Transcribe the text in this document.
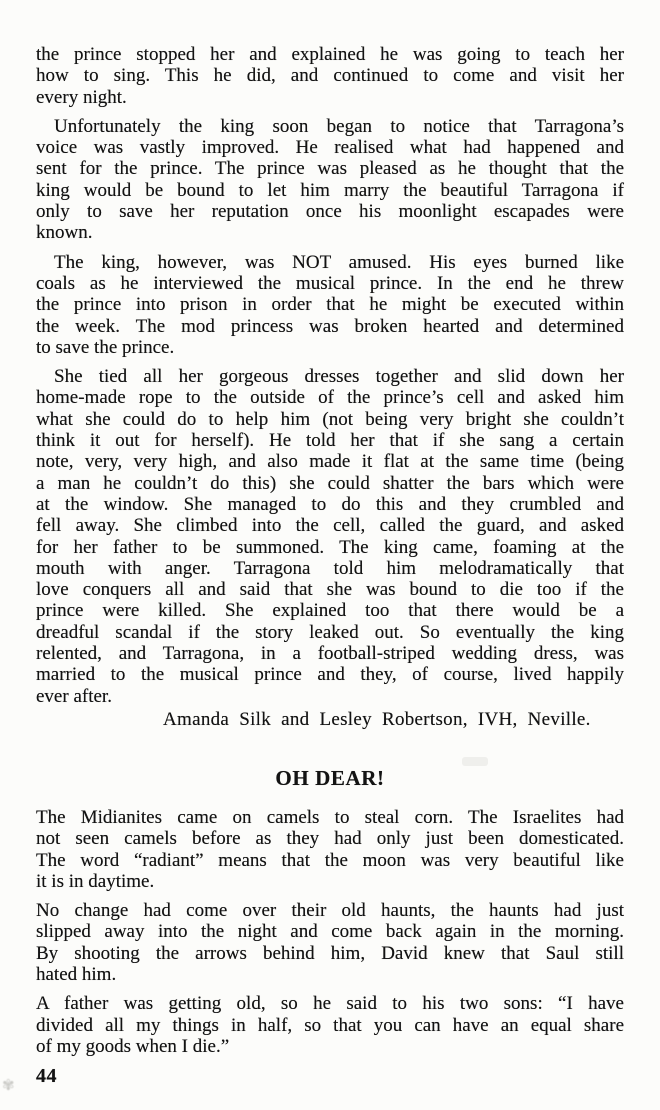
the prince stopped her and explained he was going to teach her
how to sing. This he did, and continued to come and visit her
every night.
Unfortunately the king soon began to notice that Tarragona’s
voice was vastly improved. He realised what had happened and
sent for the prince. The prince was pleased as he thought that the
king would be bound to let him marry the beautiful Tarragona if
only to save her reputation once his moonlight escapades were
known.
The king, however, was NOT amused. His eyes burned like
coals as he interviewed the musical prince. In the end he threw
the prince into prison in order that he might be executed within
the week. The mod princess was broken hearted and determined
to save the prince.
She tied all her gorgeous dresses together and slid down her
home-made rope to the outside of the prince’s cell and asked him
what she could do to help him (not being very bright she couldn’t
think it out for herself). He told her that if she sang a certain
note, very, very high, and also made it flat at the same time (being
a man he couldn’t do this) she could shatter the bars which were
at the window. She managed to do this and they crumbled and
fell away. She climbed into the cell, called the guard, and asked
for her father to be summoned. The king came, foaming at the
mouth with anger. Tarragona told him melodramatically that
love conquers all and said that she was bound to die too if the
prince were killed. She explained too that there would be a
dreadful scandal if the story leaked out. So eventually the king
relented, and Tarragona, in a football-striped wedding dress, was
married to the musical prince and they, of course, lived happily
ever after.
Amanda Silk and Lesley Robertson, IVH, Neville.
OH DEAR!
The Midianites came on camels to steal corn. The Israelites had
not seen camels before as they had only just been domesticated.
The word “radiant” means that the moon was very beautiful like
it is in daytime.
No change had come over their old haunts, the haunts had just
slipped away into the night and come back again in the morning.
By shooting the arrows behind him, David knew that Saul still
hated him.
A father was getting old, so he said to his two sons: “I have
divided all my things in half, so that you can have an equal share
of my goods when I die.”
44
✾
